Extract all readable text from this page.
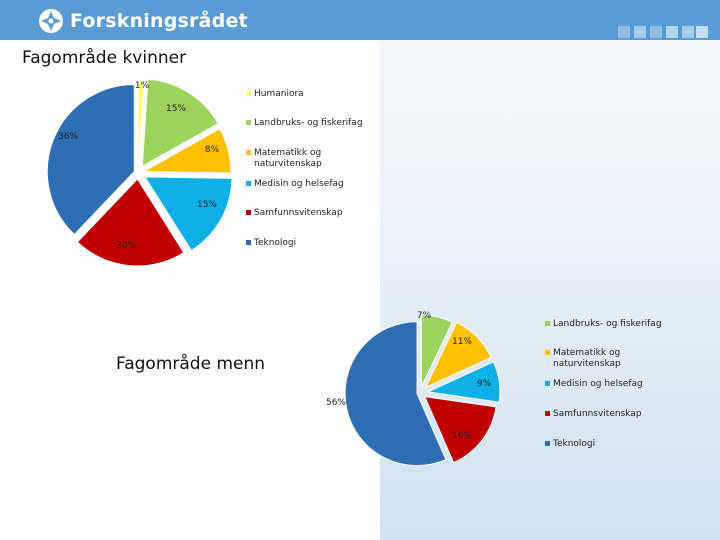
Forskningsrådet
Fagområde kvinner
Fagområde menn
1%
15%
8%
15%
20%
36%
Humaniora
Landbruks- og fiskerifag
Matematikk og
naturvitenskap
Medisin og helsefag
Samfunnsvitenskap
Teknologi
7%
11%
9%
16%
56%
Landbruks- og fiskerifag
Matematikk og
naturvitenskap
Medisin og helsefag
Samfunnsvitenskap
Teknologi
